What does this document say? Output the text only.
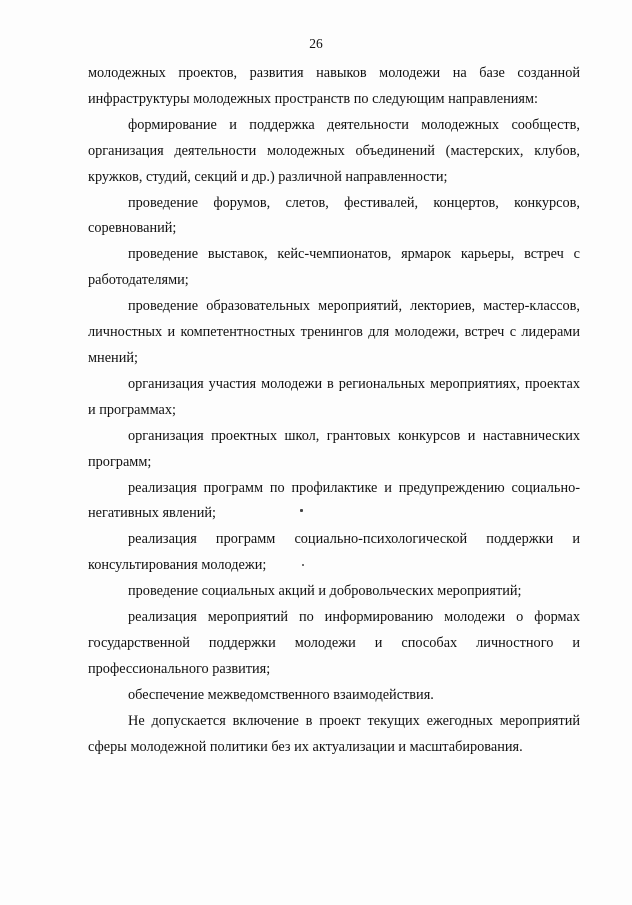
26

молодежных проектов, развития навыков молодежи на базе созданной инфраструктуры молодежных пространств по следующим направлениям:

формирование и поддержка деятельности молодежных сообществ, организация деятельности молодежных объединений (мастерских, клубов, кружков, студий, секций и др.) различной направленности;

проведение форумов, слетов, фестивалей, концертов, конкурсов, соревнований;

проведение выставок, кейс-чемпионатов, ярмарок карьеры, встреч с работодателями;

проведение образовательных мероприятий, лекториев, мастер-классов, личностных и компетентностных тренингов для молодежи, встреч с лидерами мнений;

организация участия молодежи в региональных мероприятиях, проектах и программах;

организация проектных школ, грантовых конкурсов и наставнических программ;

реализация программ по профилактике и предупреждению социально-негативных явлений;

реализация программ социально-психологической поддержки и консультирования молодежи;

проведение социальных акций и добровольческих мероприятий;

реализация мероприятий по информированию молодежи о формах государственной поддержки молодежи и способах личностного и профессионального развития;

обеспечение межведомственного взаимодействия.

Не допускается включение в проект текущих ежегодных мероприятий сферы молодежной политики без их актуализации и масштабирования.
